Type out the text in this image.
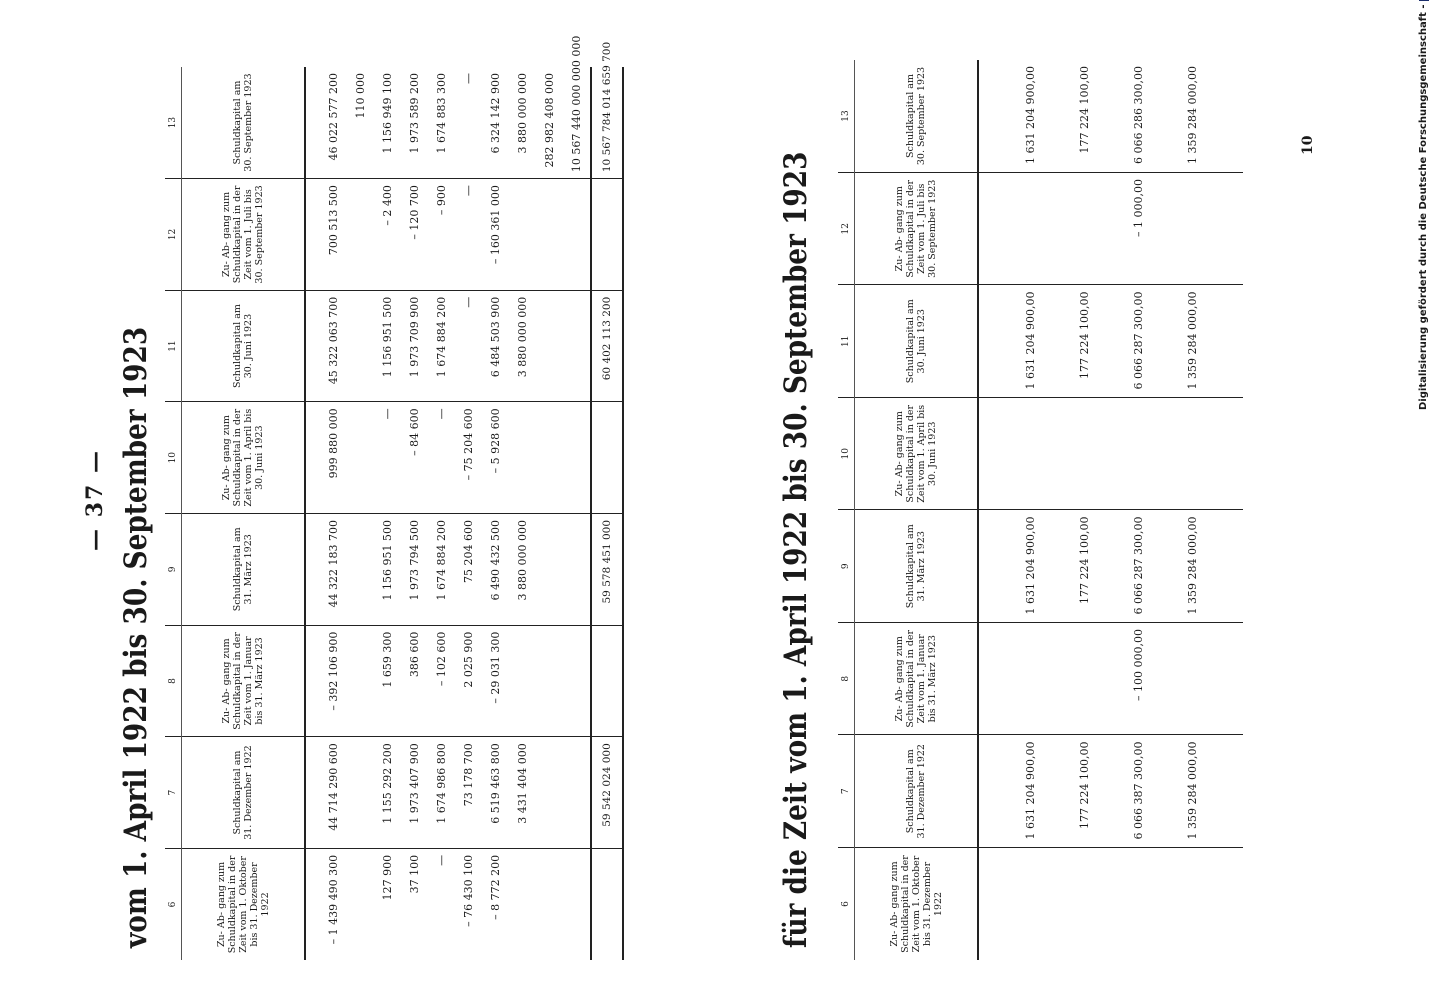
— 37 — vom 1. April 1922 bis 30. September 1923 6	7	8	9	10	11	12	13
Zu- Ab- gang zum Schuldkapital in der Zeit vom 1. Oktober bis 31. Dezember 1922	Schuldkapital am 31. Dezember 1922	Zu- Ab- gang zum Schuldkapital in der Zeit vom 1. Januar bis 31. März 1923	Schuldkapital am 31. März 1923	Zu- Ab- gang zum Schuldkapital in der Zeit vom 1. April bis 30. Juni 1923	Schuldkapital am 30. Juni 1923	Zu- Ab- gang zum Schuldkapital in der Zeit vom 1. Juli bis 30. September 1923	Schuldkapital am 30. September 1923

– 1 439 490 300	44 714 290 600	– 392 106 900	44 322 183 700	999 880 000	45 322 063 700	700 513 500	46 022 577 200
							110 000
127 900	1 155 292 200	1 659 300	1 156 951 500	—	1 156 951 500	– 2 400	1 156 949 100
37 100	1 973 407 900	386 600	1 973 794 500	– 84 600	1 973 709 900	– 120 700	1 973 589 200
—	1 674 986 800	– 102 600	1 674 884 200	—	1 674 884 200	– 900	1 674 883 300
– 76 430 100	73 178 700	2 025 900	75 204 600	– 75 204 600	—	—	—
– 8 772 200	6 519 463 800	– 29 031 300	6 490 432 500	– 5 928 600	6 484 503 900	– 160 361 000	6 324 142 900
	3 431 404 000		3 880 000 000		3 880 000 000		3 880 000 000
							282 982 408 000
							10 567 440 000 000 000
	59 542 024 000		59 578 451 000		60 402 113 200		10 567 784 014 659 700
für die Zeit vom 1. April 1922 bis 30. September 1923	6	7	8	9	10	11	12	13
Zu- Ab- gang zum Schuldkapital in der Zeit vom 1. Oktober bis 31. Dezember 1922	Schuldkapital am 31. Dezember 1922	Zu- Ab- gang zum Schuldkapital in der Zeit vom 1. Januar bis 31. März 1923	Schuldkapital am 31. März 1923	Zu- Ab- gang zum Schuldkapital in der Zeit vom 1. April bis 30. Juni 1923	Schuldkapital am 30. Juni 1923	Zu- Ab- gang zum Schuldkapital in der Zeit vom 1. Juli bis 30. September 1923	Schuldkapital am 30. September 1923

	1 631 204 900,00		1 631 204 900,00		1 631 204 900,00		1 631 204 900,00
	177 224 100,00		177 224 100,00		177 224 100,00		177 224 100,00
	6 066 387 300,00	– 100 000,00	6 066 287 300,00		6 066 287 300,00	– 1 000,00	6 066 286 300,00
	1 359 284 000,00		1 359 284 000,00		1 359 284 000,00		1 359 284 000,00
								10	Digitalisierung gefördert durch die Deutsche Forschungsgemeinschaft -
